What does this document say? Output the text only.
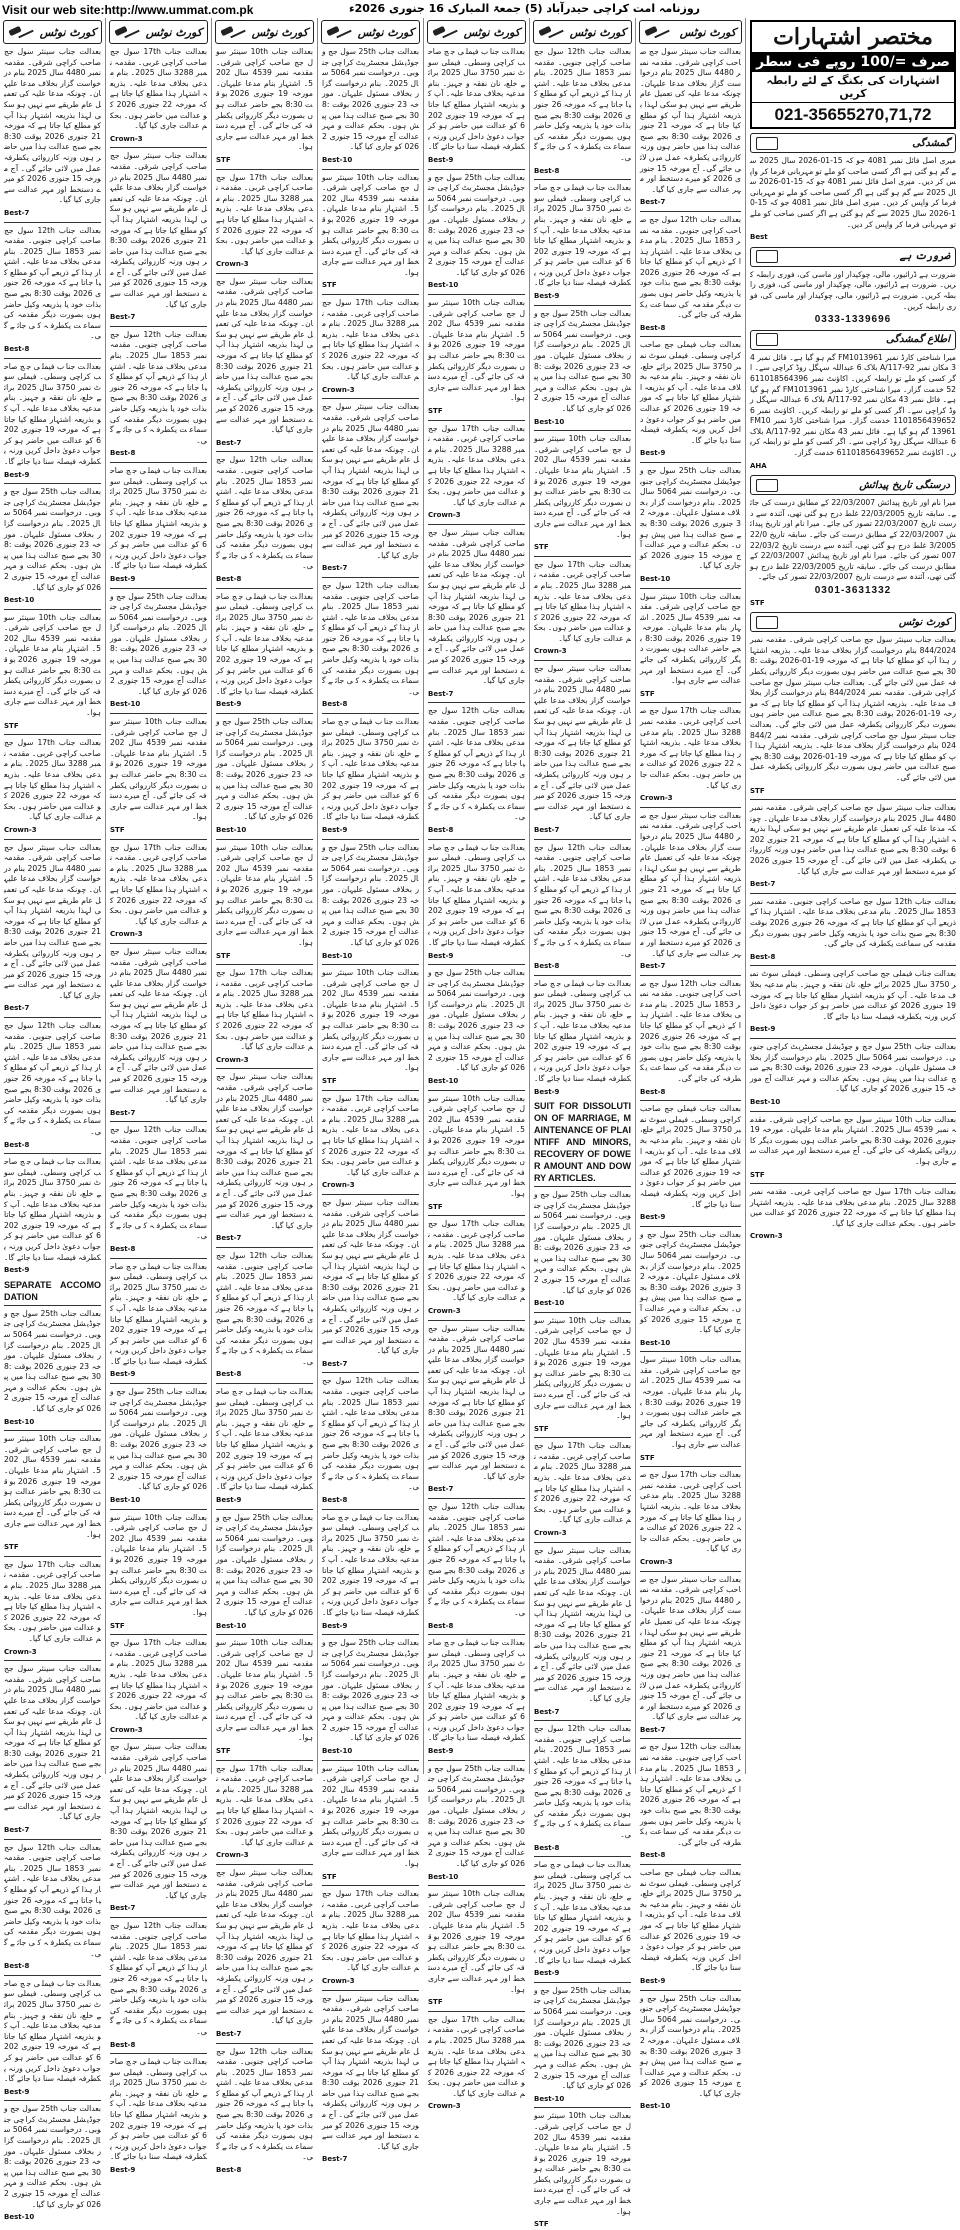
Visit our web site:http://www.ummat.com.pk	روزنامہ امت کراچی حیدرآباد (5) جمعۃ المبارک 16 جنوری 2026ء
مختصر اشتہارات
صرف =/100 روپے فی سطر
اشتہارات کی بکنگ کے لئے رابطہ کریں
021-35655270,71,72
گمشدگی
میری اصل فائل نمبر 4081 جو کہ 15-01-2026 سال 2025 سے گم ہو گئی ہے اگر کسی صاحب کو ملے تو مہربانی فرما کر واپس کر دیں۔ میری اصل فائل نمبر 4081 جو کہ 15-01-2026 سال 2025 سے گم ہو گئی ہے اگر کسی صاحب کو ملے تو مہربانی فرما کر واپس کر دیں۔ میری اصل فائل نمبر 4081 جو کہ 15-01-2026 سال 2025 سے گم ہو گئی ہے اگر کسی صاحب کو ملے تو مہربانی فرما کر واپس کر دیں۔
Best
ضرورت ہے
ضرورت ہے ڈرائیور، مالی، چوکیدار اور ماسی کی، فوری رابطہ کریں۔ ضرورت ہے ڈرائیور، مالی، چوکیدار اور ماسی کی، فوری رابطہ کریں۔ ضرورت ہے ڈرائیور، مالی، چوکیدار اور ماسی کی، فوری رابطہ کریں۔
0333-1339696
اطلاع گمشدگی
میرا شناختی کارڈ نمبر FM1013961 گم ہو گیا ہے۔ فائل نمبر 43 مکان نمبر A/117-92 بلاک 6 عبداللہ سہگل روڈ کراچی سے۔ اگر کسی کو ملے تو رابطہ کریں۔ اکاؤنٹ نمبر 61101856439652 خدمت گزار۔ میرا شناختی کارڈ نمبر FM1013961 گم ہو گیا ہے۔ فائل نمبر 43 مکان نمبر A/117-92 بلاک 6 عبداللہ سہگل روڈ کراچی سے۔ اگر کسی کو ملے تو رابطہ کریں۔ اکاؤنٹ نمبر 61101856439652 خدمت گزار۔ میرا شناختی کارڈ نمبر FM1013961 گم ہو گیا ہے۔ فائل نمبر 43 مکان نمبر A/117-92 بلاک 6 عبداللہ سہگل روڈ کراچی سے۔ اگر کسی کو ملے تو رابطہ کریں۔ اکاؤنٹ نمبر 61101856439652 خدمت گزار۔
AHA
درستگی تاریخ پیدائش
میرا نام اور تاریخ پیدائش 22/03/2007 کے مطابق درست کی جائے۔ سابقہ تاریخ 22/03/2005 غلط درج ہو گئی تھی، آئندہ سے درست تاریخ 22/03/2007 تصور کی جائے۔ میرا نام اور تاریخ پیدائش 22/03/2007 کے مطابق درست کی جائے۔ سابقہ تاریخ 22/03/2005 غلط درج ہو گئی تھی، آئندہ سے درست تاریخ 22/03/2007 تصور کی جائے۔ میرا نام اور تاریخ پیدائش 22/03/2007 کے مطابق درست کی جائے۔ سابقہ تاریخ 22/03/2005 غلط درج ہو گئی تھی، آئندہ سے درست تاریخ 22/03/2007 تصور کی جائے۔
0301-3631332
STF
کورٹ نوٹس
بعدالت جناب سینئر سول جج صاحب کراچی شرقی۔ مقدمہ نمبر 844/2024 بنام درخواست گزار بخلاف مدعا علیہ۔ بذریعہ اشتہار ہذا آپ کو مطلع کیا جاتا ہے کہ مورخہ 19-01-2026 بوقت 8:30 بجے صبح عدالت میں حاضر ہوں بصورت دیگر کارروائی یکطرفہ عمل میں لائی جائے گی۔ بعدالت جناب سینئر سول جج صاحب کراچی شرقی۔ مقدمہ نمبر 844/2024 بنام درخواست گزار بخلاف مدعا علیہ۔ بذریعہ اشتہار ہذا آپ کو مطلع کیا جاتا ہے کہ مورخہ 19-01-2026 بوقت 8:30 بجے صبح عدالت میں حاضر ہوں بصورت دیگر کارروائی یکطرفہ عمل میں لائی جائے گی۔ بعدالت جناب سینئر سول جج صاحب کراچی شرقی۔ مقدمہ نمبر 844/2024 بنام درخواست گزار بخلاف مدعا علیہ۔ بذریعہ اشتہار ہذا آپ کو مطلع کیا جاتا ہے کہ مورخہ 19-01-2026 بوقت 8:30 بجے صبح عدالت میں حاضر ہوں بصورت دیگر کارروائی یکطرفہ عمل میں لائی جائے گی۔
STF
بعدالت جناب سینئر سول جج صاحب کراچی شرقی۔ مقدمہ نمبر 4480 سال 2025 بنام درخواست گزار بخلاف مدعا علیہان۔ چونکہ مدعا علیہ کی تعمیل عام طریقے سے نہیں ہو سکی لہذا بذریعہ اشتہار ہذا آپ کو مطلع کیا جاتا ہے کہ مورخہ 21 جنوری 2026 بوقت 8:30 بجے صبح عدالت ہذا میں حاضر ہوں ورنہ کارروائی یکطرفہ عمل میں لائی جائے گی۔ آج مورخہ 15 جنوری 2026 کو میرے دستخط اور مہر عدالت سے جاری کیا گیا۔
Best-7
بعدالت جناب 12th سول جج صاحب کراچی جنوبی۔ مقدمہ نمبر 1853 سال 2025۔ بنام مدعی بخلاف مدعا علیہ۔ اشتہار ہذا کے ذریعے آپ کو مطلع کیا جاتا ہے کہ مورخہ 26 جنوری 2026 بوقت 8:30 بجے صبح بذات خود یا بذریعہ وکیل حاضر ہوں بصورت دیگر مقدمہ کی سماعت یکطرفہ کی جائے گی۔
Best-8
بعدالت جناب فیملی جج صاحب کراچی وسطی۔ فیملی سوٹ نمبر 3750 سال 2025 برائے خلع، نان نفقہ و جہیز۔ بنام مدعیہ بخلاف مدعا علیہ۔ آپ کو بذریعہ اشتہار مطلع کیا جاتا ہے کہ مورخہ 19 جنوری 2026 کو عدالت میں حاضر ہو کر جواب دعویٰ داخل کریں ورنہ یکطرفہ فیصلہ سنا دیا جائے گا۔
Best-9
بعدالت جناب 25th سول جج و جوڈیشل مجسٹریٹ کراچی جنوبی۔ درخواست نمبر 5064 سال 2025۔ بنام درخواست گزار بخلاف مسئول علیہان۔ مورخہ 23 جنوری 2026 بوقت 8:30 بجے صبح عدالت ہذا میں پیش ہوں۔ بحکم عدالت و مہر عدالت آج مورخہ 15 جنوری 2026 کو جاری کیا گیا۔
Best-10
بعدالت جناب 10th سینئر سول جج صاحب کراچی شرقی۔ مقدمہ نمبر 4539 سال 2025۔ اشتہار بنام مدعا علیہان۔ مورخہ 19 جنوری 2026 بوقت 8:30 بجے حاضر عدالت ہوں بصورت دیگر کارروائی یکطرفہ کی جائے گی۔ آج میرے دستخط اور مہر عدالت سے جاری ہوا۔
STF
بعدالت جناب 17th سول جج صاحب کراچی غربی۔ مقدمہ نمبر 3288 سال 2025۔ بنام مدعی بخلاف مدعا علیہ۔ بذریعہ اشتہار ہذا مطلع کیا جاتا ہے کہ مورخہ 22 جنوری 2026 کو عدالت میں حاضر ہوں۔ بحکم عدالت جاری کیا گیا۔
Crown-3
کورٹ نوٹس
بعدالت جناب سینئر سول جج صاحب کراچی شرقی۔ مقدمہ نمبر 4480 سال 2025 بنام درخواست گزار بخلاف مدعا علیہان۔ چونکہ مدعا علیہ کی تعمیل عام طریقے سے نہیں ہو سکی لہذا بذریعہ اشتہار ہذا آپ کو مطلع کیا جاتا ہے کہ مورخہ 21 جنوری 2026 بوقت 8:30 بجے صبح عدالت ہذا میں حاضر ہوں ورنہ کارروائی یکطرفہ عمل میں لائی جائے گی۔ آج مورخہ 15 جنوری 2026 کو میرے دستخط اور مہر عدالت سے جاری کیا گیا۔
Best-7
بعدالت جناب 12th سول جج صاحب کراچی جنوبی۔ مقدمہ نمبر 1853 سال 2025۔ بنام مدعی بخلاف مدعا علیہ۔ اشتہار ہذا کے ذریعے آپ کو مطلع کیا جاتا ہے کہ مورخہ 26 جنوری 2026 بوقت 8:30 بجے صبح بذات خود یا بذریعہ وکیل حاضر ہوں بصورت دیگر مقدمہ کی سماعت یکطرفہ کی جائے گی۔
Best-8
بعدالت جناب فیملی جج صاحب کراچی وسطی۔ فیملی سوٹ نمبر 3750 سال 2025 برائے خلع، نان نفقہ و جہیز۔ بنام مدعیہ بخلاف مدعا علیہ۔ آپ کو بذریعہ اشتہار مطلع کیا جاتا ہے کہ مورخہ 19 جنوری 2026 کو عدالت میں حاضر ہو کر جواب دعویٰ داخل کریں ورنہ یکطرفہ فیصلہ سنا دیا جائے گا۔
Best-9
بعدالت جناب 25th سول جج و جوڈیشل مجسٹریٹ کراچی جنوبی۔ درخواست نمبر 5064 سال 2025۔ بنام درخواست گزار بخلاف مسئول علیہان۔ مورخہ 23 جنوری 2026 بوقت 8:30 بجے صبح عدالت ہذا میں پیش ہوں۔ بحکم عدالت و مہر عدالت آج مورخہ 15 جنوری 2026 کو جاری کیا گیا۔
Best-10
بعدالت جناب 10th سینئر سول جج صاحب کراچی شرقی۔ مقدمہ نمبر 4539 سال 2025۔ اشتہار بنام مدعا علیہان۔ مورخہ 19 جنوری 2026 بوقت 8:30 بجے حاضر عدالت ہوں بصورت دیگر کارروائی یکطرفہ کی جائے گی۔ آج میرے دستخط اور مہر عدالت سے جاری ہوا۔
STF
بعدالت جناب 17th سول جج صاحب کراچی غربی۔ مقدمہ نمبر 3288 سال 2025۔ بنام مدعی بخلاف مدعا علیہ۔ بذریعہ اشتہار ہذا مطلع کیا جاتا ہے کہ مورخہ 22 جنوری 2026 کو عدالت میں حاضر ہوں۔ بحکم عدالت جاری کیا گیا۔
Crown-3
بعدالت جناب سینئر سول جج صاحب کراچی شرقی۔ مقدمہ نمبر 4480 سال 2025 بنام درخواست گزار بخلاف مدعا علیہان۔ چونکہ مدعا علیہ کی تعمیل عام طریقے سے نہیں ہو سکی لہذا بذریعہ اشتہار ہذا آپ کو مطلع کیا جاتا ہے کہ مورخہ 21 جنوری 2026 بوقت 8:30 بجے صبح عدالت ہذا میں حاضر ہوں ورنہ کارروائی یکطرفہ عمل میں لائی جائے گی۔ آج مورخہ 15 جنوری 2026 کو میرے دستخط اور مہر عدالت سے جاری کیا گیا۔
Best-7
بعدالت جناب 12th سول جج صاحب کراچی جنوبی۔ مقدمہ نمبر 1853 سال 2025۔ بنام مدعی بخلاف مدعا علیہ۔ اشتہار ہذا کے ذریعے آپ کو مطلع کیا جاتا ہے کہ مورخہ 26 جنوری 2026 بوقت 8:30 بجے صبح بذات خود یا بذریعہ وکیل حاضر ہوں بصورت دیگر مقدمہ کی سماعت یکطرفہ کی جائے گی۔
Best-8
بعدالت جناب فیملی جج صاحب کراچی وسطی۔ فیملی سوٹ نمبر 3750 سال 2025 برائے خلع، نان نفقہ و جہیز۔ بنام مدعیہ بخلاف مدعا علیہ۔ آپ کو بذریعہ اشتہار مطلع کیا جاتا ہے کہ مورخہ 19 جنوری 2026 کو عدالت میں حاضر ہو کر جواب دعویٰ داخل کریں ورنہ یکطرفہ فیصلہ سنا دیا جائے گا۔
Best-9
بعدالت جناب 25th سول جج و جوڈیشل مجسٹریٹ کراچی جنوبی۔ درخواست نمبر 5064 سال 2025۔ بنام درخواست گزار بخلاف مسئول علیہان۔ مورخہ 23 جنوری 2026 بوقت 8:30 بجے صبح عدالت ہذا میں پیش ہوں۔ بحکم عدالت و مہر عدالت آج مورخہ 15 جنوری 2026 کو جاری کیا گیا۔
Best-10
بعدالت جناب 10th سینئر سول جج صاحب کراچی شرقی۔ مقدمہ نمبر 4539 سال 2025۔ اشتہار بنام مدعا علیہان۔ مورخہ 19 جنوری 2026 بوقت 8:30 بجے حاضر عدالت ہوں بصورت دیگر کارروائی یکطرفہ کی جائے گی۔ آج میرے دستخط اور مہر عدالت سے جاری ہوا۔
STF
بعدالت جناب 17th سول جج صاحب کراچی غربی۔ مقدمہ نمبر 3288 سال 2025۔ بنام مدعی بخلاف مدعا علیہ۔ بذریعہ اشتہار ہذا مطلع کیا جاتا ہے کہ مورخہ 22 جنوری 2026 کو عدالت میں حاضر ہوں۔ بحکم عدالت جاری کیا گیا۔
Crown-3
بعدالت جناب سینئر سول جج صاحب کراچی شرقی۔ مقدمہ نمبر 4480 سال 2025 بنام درخواست گزار بخلاف مدعا علیہان۔ چونکہ مدعا علیہ کی تعمیل عام طریقے سے نہیں ہو سکی لہذا بذریعہ اشتہار ہذا آپ کو مطلع کیا جاتا ہے کہ مورخہ 21 جنوری 2026 بوقت 8:30 بجے صبح عدالت ہذا میں حاضر ہوں ورنہ کارروائی یکطرفہ عمل میں لائی جائے گی۔ آج مورخہ 15 جنوری 2026 کو میرے دستخط اور مہر عدالت سے جاری کیا گیا۔
Best-7
بعدالت جناب 12th سول جج صاحب کراچی جنوبی۔ مقدمہ نمبر 1853 سال 2025۔ بنام مدعی بخلاف مدعا علیہ۔ اشتہار ہذا کے ذریعے آپ کو مطلع کیا جاتا ہے کہ مورخہ 26 جنوری 2026 بوقت 8:30 بجے صبح بذات خود یا بذریعہ وکیل حاضر ہوں بصورت دیگر مقدمہ کی سماعت یکطرفہ کی جائے گی۔
Best-8
بعدالت جناب فیملی جج صاحب کراچی وسطی۔ فیملی سوٹ نمبر 3750 سال 2025 برائے خلع، نان نفقہ و جہیز۔ بنام مدعیہ بخلاف مدعا علیہ۔ آپ کو بذریعہ اشتہار مطلع کیا جاتا ہے کہ مورخہ 19 جنوری 2026 کو عدالت میں حاضر ہو کر جواب دعویٰ داخل کریں ورنہ یکطرفہ فیصلہ سنا دیا جائے گا۔
Best-9
بعدالت جناب 25th سول جج و جوڈیشل مجسٹریٹ کراچی جنوبی۔ درخواست نمبر 5064 سال 2025۔ بنام درخواست گزار بخلاف مسئول علیہان۔ مورخہ 23 جنوری 2026 بوقت 8:30 بجے صبح عدالت ہذا میں پیش ہوں۔ بحکم عدالت و مہر عدالت آج مورخہ 15 جنوری 2026 کو جاری کیا گیا۔
Best-10
کورٹ نوٹس
بعدالت جناب 12th سول جج صاحب کراچی جنوبی۔ مقدمہ نمبر 1853 سال 2025۔ بنام مدعی بخلاف مدعا علیہ۔ اشتہار ہذا کے ذریعے آپ کو مطلع کیا جاتا ہے کہ مورخہ 26 جنوری 2026 بوقت 8:30 بجے صبح بذات خود یا بذریعہ وکیل حاضر ہوں بصورت دیگر مقدمہ کی سماعت یکطرفہ کی جائے گی۔
Best-8
بعدالت جناب فیملی جج صاحب کراچی وسطی۔ فیملی سوٹ نمبر 3750 سال 2025 برائے خلع، نان نفقہ و جہیز۔ بنام مدعیہ بخلاف مدعا علیہ۔ آپ کو بذریعہ اشتہار مطلع کیا جاتا ہے کہ مورخہ 19 جنوری 2026 کو عدالت میں حاضر ہو کر جواب دعویٰ داخل کریں ورنہ یکطرفہ فیصلہ سنا دیا جائے گا۔
Best-9
بعدالت جناب 25th سول جج و جوڈیشل مجسٹریٹ کراچی جنوبی۔ درخواست نمبر 5064 سال 2025۔ بنام درخواست گزار بخلاف مسئول علیہان۔ مورخہ 23 جنوری 2026 بوقت 8:30 بجے صبح عدالت ہذا میں پیش ہوں۔ بحکم عدالت و مہر عدالت آج مورخہ 15 جنوری 2026 کو جاری کیا گیا۔
Best-10
بعدالت جناب 10th سینئر سول جج صاحب کراچی شرقی۔ مقدمہ نمبر 4539 سال 2025۔ اشتہار بنام مدعا علیہان۔ مورخہ 19 جنوری 2026 بوقت 8:30 بجے حاضر عدالت ہوں بصورت دیگر کارروائی یکطرفہ کی جائے گی۔ آج میرے دستخط اور مہر عدالت سے جاری ہوا۔
STF
بعدالت جناب 17th سول جج صاحب کراچی غربی۔ مقدمہ نمبر 3288 سال 2025۔ بنام مدعی بخلاف مدعا علیہ۔ بذریعہ اشتہار ہذا مطلع کیا جاتا ہے کہ مورخہ 22 جنوری 2026 کو عدالت میں حاضر ہوں۔ بحکم عدالت جاری کیا گیا۔
Crown-3
بعدالت جناب سینئر سول جج صاحب کراچی شرقی۔ مقدمہ نمبر 4480 سال 2025 بنام درخواست گزار بخلاف مدعا علیہان۔ چونکہ مدعا علیہ کی تعمیل عام طریقے سے نہیں ہو سکی لہذا بذریعہ اشتہار ہذا آپ کو مطلع کیا جاتا ہے کہ مورخہ 21 جنوری 2026 بوقت 8:30 بجے صبح عدالت ہذا میں حاضر ہوں ورنہ کارروائی یکطرفہ عمل میں لائی جائے گی۔ آج مورخہ 15 جنوری 2026 کو میرے دستخط اور مہر عدالت سے جاری کیا گیا۔
Best-7
بعدالت جناب 12th سول جج صاحب کراچی جنوبی۔ مقدمہ نمبر 1853 سال 2025۔ بنام مدعی بخلاف مدعا علیہ۔ اشتہار ہذا کے ذریعے آپ کو مطلع کیا جاتا ہے کہ مورخہ 26 جنوری 2026 بوقت 8:30 بجے صبح بذات خود یا بذریعہ وکیل حاضر ہوں بصورت دیگر مقدمہ کی سماعت یکطرفہ کی جائے گی۔
Best-8
بعدالت جناب فیملی جج صاحب کراچی وسطی۔ فیملی سوٹ نمبر 3750 سال 2025 برائے خلع، نان نفقہ و جہیز۔ بنام مدعیہ بخلاف مدعا علیہ۔ آپ کو بذریعہ اشتہار مطلع کیا جاتا ہے کہ مورخہ 19 جنوری 2026 کو عدالت میں حاضر ہو کر جواب دعویٰ داخل کریں ورنہ یکطرفہ فیصلہ سنا دیا جائے گا۔
Best-9
SUIT FOR DISSOLUTION OF MARRIAGE, MAINTENANCE OF PLAINTIFF AND MINORS, RECOVERY OF DOWER AMOUNT AND DOWRY ARTICLES.
بعدالت جناب 25th سول جج و جوڈیشل مجسٹریٹ کراچی جنوبی۔ درخواست نمبر 5064 سال 2025۔ بنام درخواست گزار بخلاف مسئول علیہان۔ مورخہ 23 جنوری 2026 بوقت 8:30 بجے صبح عدالت ہذا میں پیش ہوں۔ بحکم عدالت و مہر عدالت آج مورخہ 15 جنوری 2026 کو جاری کیا گیا۔
Best-10
بعدالت جناب 10th سینئر سول جج صاحب کراچی شرقی۔ مقدمہ نمبر 4539 سال 2025۔ اشتہار بنام مدعا علیہان۔ مورخہ 19 جنوری 2026 بوقت 8:30 بجے حاضر عدالت ہوں بصورت دیگر کارروائی یکطرفہ کی جائے گی۔ آج میرے دستخط اور مہر عدالت سے جاری ہوا۔
STF
بعدالت جناب 17th سول جج صاحب کراچی غربی۔ مقدمہ نمبر 3288 سال 2025۔ بنام مدعی بخلاف مدعا علیہ۔ بذریعہ اشتہار ہذا مطلع کیا جاتا ہے کہ مورخہ 22 جنوری 2026 کو عدالت میں حاضر ہوں۔ بحکم عدالت جاری کیا گیا۔
Crown-3
بعدالت جناب سینئر سول جج صاحب کراچی شرقی۔ مقدمہ نمبر 4480 سال 2025 بنام درخواست گزار بخلاف مدعا علیہان۔ چونکہ مدعا علیہ کی تعمیل عام طریقے سے نہیں ہو سکی لہذا بذریعہ اشتہار ہذا آپ کو مطلع کیا جاتا ہے کہ مورخہ 21 جنوری 2026 بوقت 8:30 بجے صبح عدالت ہذا میں حاضر ہوں ورنہ کارروائی یکطرفہ عمل میں لائی جائے گی۔ آج مورخہ 15 جنوری 2026 کو میرے دستخط اور مہر عدالت سے جاری کیا گیا۔
Best-7
بعدالت جناب 12th سول جج صاحب کراچی جنوبی۔ مقدمہ نمبر 1853 سال 2025۔ بنام مدعی بخلاف مدعا علیہ۔ اشتہار ہذا کے ذریعے آپ کو مطلع کیا جاتا ہے کہ مورخہ 26 جنوری 2026 بوقت 8:30 بجے صبح بذات خود یا بذریعہ وکیل حاضر ہوں بصورت دیگر مقدمہ کی سماعت یکطرفہ کی جائے گی۔
Best-8
بعدالت جناب فیملی جج صاحب کراچی وسطی۔ فیملی سوٹ نمبر 3750 سال 2025 برائے خلع، نان نفقہ و جہیز۔ بنام مدعیہ بخلاف مدعا علیہ۔ آپ کو بذریعہ اشتہار مطلع کیا جاتا ہے کہ مورخہ 19 جنوری 2026 کو عدالت میں حاضر ہو کر جواب دعویٰ داخل کریں ورنہ یکطرفہ فیصلہ سنا دیا جائے گا۔
Best-9
بعدالت جناب 25th سول جج و جوڈیشل مجسٹریٹ کراچی جنوبی۔ درخواست نمبر 5064 سال 2025۔ بنام درخواست گزار بخلاف مسئول علیہان۔ مورخہ 23 جنوری 2026 بوقت 8:30 بجے صبح عدالت ہذا میں پیش ہوں۔ بحکم عدالت و مہر عدالت آج مورخہ 15 جنوری 2026 کو جاری کیا گیا۔
Best-10
بعدالت جناب 10th سینئر سول جج صاحب کراچی شرقی۔ مقدمہ نمبر 4539 سال 2025۔ اشتہار بنام مدعا علیہان۔ مورخہ 19 جنوری 2026 بوقت 8:30 بجے حاضر عدالت ہوں بصورت دیگر کارروائی یکطرفہ کی جائے گی۔ آج میرے دستخط اور مہر عدالت سے جاری ہوا۔
STF
کورٹ نوٹس
بعدالت جناب فیملی جج صاحب کراچی وسطی۔ فیملی سوٹ نمبر 3750 سال 2025 برائے خلع، نان نفقہ و جہیز۔ بنام مدعیہ بخلاف مدعا علیہ۔ آپ کو بذریعہ اشتہار مطلع کیا جاتا ہے کہ مورخہ 19 جنوری 2026 کو عدالت میں حاضر ہو کر جواب دعویٰ داخل کریں ورنہ یکطرفہ فیصلہ سنا دیا جائے گا۔
Best-9
بعدالت جناب 25th سول جج و جوڈیشل مجسٹریٹ کراچی جنوبی۔ درخواست نمبر 5064 سال 2025۔ بنام درخواست گزار بخلاف مسئول علیہان۔ مورخہ 23 جنوری 2026 بوقت 8:30 بجے صبح عدالت ہذا میں پیش ہوں۔ بحکم عدالت و مہر عدالت آج مورخہ 15 جنوری 2026 کو جاری کیا گیا۔
Best-10
بعدالت جناب 10th سینئر سول جج صاحب کراچی شرقی۔ مقدمہ نمبر 4539 سال 2025۔ اشتہار بنام مدعا علیہان۔ مورخہ 19 جنوری 2026 بوقت 8:30 بجے حاضر عدالت ہوں بصورت دیگر کارروائی یکطرفہ کی جائے گی۔ آج میرے دستخط اور مہر عدالت سے جاری ہوا۔
STF
بعدالت جناب 17th سول جج صاحب کراچی غربی۔ مقدمہ نمبر 3288 سال 2025۔ بنام مدعی بخلاف مدعا علیہ۔ بذریعہ اشتہار ہذا مطلع کیا جاتا ہے کہ مورخہ 22 جنوری 2026 کو عدالت میں حاضر ہوں۔ بحکم عدالت جاری کیا گیا۔
Crown-3
بعدالت جناب سینئر سول جج صاحب کراچی شرقی۔ مقدمہ نمبر 4480 سال 2025 بنام درخواست گزار بخلاف مدعا علیہان۔ چونکہ مدعا علیہ کی تعمیل عام طریقے سے نہیں ہو سکی لہذا بذریعہ اشتہار ہذا آپ کو مطلع کیا جاتا ہے کہ مورخہ 21 جنوری 2026 بوقت 8:30 بجے صبح عدالت ہذا میں حاضر ہوں ورنہ کارروائی یکطرفہ عمل میں لائی جائے گی۔ آج مورخہ 15 جنوری 2026 کو میرے دستخط اور مہر عدالت سے جاری کیا گیا۔
Best-7
بعدالت جناب 12th سول جج صاحب کراچی جنوبی۔ مقدمہ نمبر 1853 سال 2025۔ بنام مدعی بخلاف مدعا علیہ۔ اشتہار ہذا کے ذریعے آپ کو مطلع کیا جاتا ہے کہ مورخہ 26 جنوری 2026 بوقت 8:30 بجے صبح بذات خود یا بذریعہ وکیل حاضر ہوں بصورت دیگر مقدمہ کی سماعت یکطرفہ کی جائے گی۔
Best-8
بعدالت جناب فیملی جج صاحب کراچی وسطی۔ فیملی سوٹ نمبر 3750 سال 2025 برائے خلع، نان نفقہ و جہیز۔ بنام مدعیہ بخلاف مدعا علیہ۔ آپ کو بذریعہ اشتہار مطلع کیا جاتا ہے کہ مورخہ 19 جنوری 2026 کو عدالت میں حاضر ہو کر جواب دعویٰ داخل کریں ورنہ یکطرفہ فیصلہ سنا دیا جائے گا۔
Best-9
بعدالت جناب 25th سول جج و جوڈیشل مجسٹریٹ کراچی جنوبی۔ درخواست نمبر 5064 سال 2025۔ بنام درخواست گزار بخلاف مسئول علیہان۔ مورخہ 23 جنوری 2026 بوقت 8:30 بجے صبح عدالت ہذا میں پیش ہوں۔ بحکم عدالت و مہر عدالت آج مورخہ 15 جنوری 2026 کو جاری کیا گیا۔
Best-10
بعدالت جناب 10th سینئر سول جج صاحب کراچی شرقی۔ مقدمہ نمبر 4539 سال 2025۔ اشتہار بنام مدعا علیہان۔ مورخہ 19 جنوری 2026 بوقت 8:30 بجے حاضر عدالت ہوں بصورت دیگر کارروائی یکطرفہ کی جائے گی۔ آج میرے دستخط اور مہر عدالت سے جاری ہوا۔
STF
بعدالت جناب 17th سول جج صاحب کراچی غربی۔ مقدمہ نمبر 3288 سال 2025۔ بنام مدعی بخلاف مدعا علیہ۔ بذریعہ اشتہار ہذا مطلع کیا جاتا ہے کہ مورخہ 22 جنوری 2026 کو عدالت میں حاضر ہوں۔ بحکم عدالت جاری کیا گیا۔
Crown-3
بعدالت جناب سینئر سول جج صاحب کراچی شرقی۔ مقدمہ نمبر 4480 سال 2025 بنام درخواست گزار بخلاف مدعا علیہان۔ چونکہ مدعا علیہ کی تعمیل عام طریقے سے نہیں ہو سکی لہذا بذریعہ اشتہار ہذا آپ کو مطلع کیا جاتا ہے کہ مورخہ 21 جنوری 2026 بوقت 8:30 بجے صبح عدالت ہذا میں حاضر ہوں ورنہ کارروائی یکطرفہ عمل میں لائی جائے گی۔ آج مورخہ 15 جنوری 2026 کو میرے دستخط اور مہر عدالت سے جاری کیا گیا۔
Best-7
بعدالت جناب 12th سول جج صاحب کراچی جنوبی۔ مقدمہ نمبر 1853 سال 2025۔ بنام مدعی بخلاف مدعا علیہ۔ اشتہار ہذا کے ذریعے آپ کو مطلع کیا جاتا ہے کہ مورخہ 26 جنوری 2026 بوقت 8:30 بجے صبح بذات خود یا بذریعہ وکیل حاضر ہوں بصورت دیگر مقدمہ کی سماعت یکطرفہ کی جائے گی۔
Best-8
بعدالت جناب فیملی جج صاحب کراچی وسطی۔ فیملی سوٹ نمبر 3750 سال 2025 برائے خلع، نان نفقہ و جہیز۔ بنام مدعیہ بخلاف مدعا علیہ۔ آپ کو بذریعہ اشتہار مطلع کیا جاتا ہے کہ مورخہ 19 جنوری 2026 کو عدالت میں حاضر ہو کر جواب دعویٰ داخل کریں ورنہ یکطرفہ فیصلہ سنا دیا جائے گا۔
Best-9
بعدالت جناب 25th سول جج و جوڈیشل مجسٹریٹ کراچی جنوبی۔ درخواست نمبر 5064 سال 2025۔ بنام درخواست گزار بخلاف مسئول علیہان۔ مورخہ 23 جنوری 2026 بوقت 8:30 بجے صبح عدالت ہذا میں پیش ہوں۔ بحکم عدالت و مہر عدالت آج مورخہ 15 جنوری 2026 کو جاری کیا گیا۔
Best-10
بعدالت جناب 10th سینئر سول جج صاحب کراچی شرقی۔ مقدمہ نمبر 4539 سال 2025۔ اشتہار بنام مدعا علیہان۔ مورخہ 19 جنوری 2026 بوقت 8:30 بجے حاضر عدالت ہوں بصورت دیگر کارروائی یکطرفہ کی جائے گی۔ آج میرے دستخط اور مہر عدالت سے جاری ہوا۔
STF
بعدالت جناب 17th سول جج صاحب کراچی غربی۔ مقدمہ نمبر 3288 سال 2025۔ بنام مدعی بخلاف مدعا علیہ۔ بذریعہ اشتہار ہذا مطلع کیا جاتا ہے کہ مورخہ 22 جنوری 2026 کو عدالت میں حاضر ہوں۔ بحکم عدالت جاری کیا گیا۔
Crown-3
کورٹ نوٹس
بعدالت جناب 25th سول جج و جوڈیشل مجسٹریٹ کراچی جنوبی۔ درخواست نمبر 5064 سال 2025۔ بنام درخواست گزار بخلاف مسئول علیہان۔ مورخہ 23 جنوری 2026 بوقت 8:30 بجے صبح عدالت ہذا میں پیش ہوں۔ بحکم عدالت و مہر عدالت آج مورخہ 15 جنوری 2026 کو جاری کیا گیا۔
Best-10
بعدالت جناب 10th سینئر سول جج صاحب کراچی شرقی۔ مقدمہ نمبر 4539 سال 2025۔ اشتہار بنام مدعا علیہان۔ مورخہ 19 جنوری 2026 بوقت 8:30 بجے حاضر عدالت ہوں بصورت دیگر کارروائی یکطرفہ کی جائے گی۔ آج میرے دستخط اور مہر عدالت سے جاری ہوا۔
STF
بعدالت جناب 17th سول جج صاحب کراچی غربی۔ مقدمہ نمبر 3288 سال 2025۔ بنام مدعی بخلاف مدعا علیہ۔ بذریعہ اشتہار ہذا مطلع کیا جاتا ہے کہ مورخہ 22 جنوری 2026 کو عدالت میں حاضر ہوں۔ بحکم عدالت جاری کیا گیا۔
Crown-3
بعدالت جناب سینئر سول جج صاحب کراچی شرقی۔ مقدمہ نمبر 4480 سال 2025 بنام درخواست گزار بخلاف مدعا علیہان۔ چونکہ مدعا علیہ کی تعمیل عام طریقے سے نہیں ہو سکی لہذا بذریعہ اشتہار ہذا آپ کو مطلع کیا جاتا ہے کہ مورخہ 21 جنوری 2026 بوقت 8:30 بجے صبح عدالت ہذا میں حاضر ہوں ورنہ کارروائی یکطرفہ عمل میں لائی جائے گی۔ آج مورخہ 15 جنوری 2026 کو میرے دستخط اور مہر عدالت سے جاری کیا گیا۔
Best-7
بعدالت جناب 12th سول جج صاحب کراچی جنوبی۔ مقدمہ نمبر 1853 سال 2025۔ بنام مدعی بخلاف مدعا علیہ۔ اشتہار ہذا کے ذریعے آپ کو مطلع کیا جاتا ہے کہ مورخہ 26 جنوری 2026 بوقت 8:30 بجے صبح بذات خود یا بذریعہ وکیل حاضر ہوں بصورت دیگر مقدمہ کی سماعت یکطرفہ کی جائے گی۔
Best-8
بعدالت جناب فیملی جج صاحب کراچی وسطی۔ فیملی سوٹ نمبر 3750 سال 2025 برائے خلع، نان نفقہ و جہیز۔ بنام مدعیہ بخلاف مدعا علیہ۔ آپ کو بذریعہ اشتہار مطلع کیا جاتا ہے کہ مورخہ 19 جنوری 2026 کو عدالت میں حاضر ہو کر جواب دعویٰ داخل کریں ورنہ یکطرفہ فیصلہ سنا دیا جائے گا۔
Best-9
بعدالت جناب 25th سول جج و جوڈیشل مجسٹریٹ کراچی جنوبی۔ درخواست نمبر 5064 سال 2025۔ بنام درخواست گزار بخلاف مسئول علیہان۔ مورخہ 23 جنوری 2026 بوقت 8:30 بجے صبح عدالت ہذا میں پیش ہوں۔ بحکم عدالت و مہر عدالت آج مورخہ 15 جنوری 2026 کو جاری کیا گیا۔
Best-10
بعدالت جناب 10th سینئر سول جج صاحب کراچی شرقی۔ مقدمہ نمبر 4539 سال 2025۔ اشتہار بنام مدعا علیہان۔ مورخہ 19 جنوری 2026 بوقت 8:30 بجے حاضر عدالت ہوں بصورت دیگر کارروائی یکطرفہ کی جائے گی۔ آج میرے دستخط اور مہر عدالت سے جاری ہوا۔
STF
بعدالت جناب 17th سول جج صاحب کراچی غربی۔ مقدمہ نمبر 3288 سال 2025۔ بنام مدعی بخلاف مدعا علیہ۔ بذریعہ اشتہار ہذا مطلع کیا جاتا ہے کہ مورخہ 22 جنوری 2026 کو عدالت میں حاضر ہوں۔ بحکم عدالت جاری کیا گیا۔
Crown-3
بعدالت جناب سینئر سول جج صاحب کراچی شرقی۔ مقدمہ نمبر 4480 سال 2025 بنام درخواست گزار بخلاف مدعا علیہان۔ چونکہ مدعا علیہ کی تعمیل عام طریقے سے نہیں ہو سکی لہذا بذریعہ اشتہار ہذا آپ کو مطلع کیا جاتا ہے کہ مورخہ 21 جنوری 2026 بوقت 8:30 بجے صبح عدالت ہذا میں حاضر ہوں ورنہ کارروائی یکطرفہ عمل میں لائی جائے گی۔ آج مورخہ 15 جنوری 2026 کو میرے دستخط اور مہر عدالت سے جاری کیا گیا۔
Best-7
بعدالت جناب 12th سول جج صاحب کراچی جنوبی۔ مقدمہ نمبر 1853 سال 2025۔ بنام مدعی بخلاف مدعا علیہ۔ اشتہار ہذا کے ذریعے آپ کو مطلع کیا جاتا ہے کہ مورخہ 26 جنوری 2026 بوقت 8:30 بجے صبح بذات خود یا بذریعہ وکیل حاضر ہوں بصورت دیگر مقدمہ کی سماعت یکطرفہ کی جائے گی۔
Best-8
بعدالت جناب فیملی جج صاحب کراچی وسطی۔ فیملی سوٹ نمبر 3750 سال 2025 برائے خلع، نان نفقہ و جہیز۔ بنام مدعیہ بخلاف مدعا علیہ۔ آپ کو بذریعہ اشتہار مطلع کیا جاتا ہے کہ مورخہ 19 جنوری 2026 کو عدالت میں حاضر ہو کر جواب دعویٰ داخل کریں ورنہ یکطرفہ فیصلہ سنا دیا جائے گا۔
Best-9
بعدالت جناب 25th سول جج و جوڈیشل مجسٹریٹ کراچی جنوبی۔ درخواست نمبر 5064 سال 2025۔ بنام درخواست گزار بخلاف مسئول علیہان۔ مورخہ 23 جنوری 2026 بوقت 8:30 بجے صبح عدالت ہذا میں پیش ہوں۔ بحکم عدالت و مہر عدالت آج مورخہ 15 جنوری 2026 کو جاری کیا گیا۔
Best-10
بعدالت جناب 10th سینئر سول جج صاحب کراچی شرقی۔ مقدمہ نمبر 4539 سال 2025۔ اشتہار بنام مدعا علیہان۔ مورخہ 19 جنوری 2026 بوقت 8:30 بجے حاضر عدالت ہوں بصورت دیگر کارروائی یکطرفہ کی جائے گی۔ آج میرے دستخط اور مہر عدالت سے جاری ہوا۔
STF
بعدالت جناب 17th سول جج صاحب کراچی غربی۔ مقدمہ نمبر 3288 سال 2025۔ بنام مدعی بخلاف مدعا علیہ۔ بذریعہ اشتہار ہذا مطلع کیا جاتا ہے کہ مورخہ 22 جنوری 2026 کو عدالت میں حاضر ہوں۔ بحکم عدالت جاری کیا گیا۔
Crown-3
بعدالت جناب سینئر سول جج صاحب کراچی شرقی۔ مقدمہ نمبر 4480 سال 2025 بنام درخواست گزار بخلاف مدعا علیہان۔ چونکہ مدعا علیہ کی تعمیل عام طریقے سے نہیں ہو سکی لہذا بذریعہ اشتہار ہذا آپ کو مطلع کیا جاتا ہے کہ مورخہ 21 جنوری 2026 بوقت 8:30 بجے صبح عدالت ہذا میں حاضر ہوں ورنہ کارروائی یکطرفہ عمل میں لائی جائے گی۔ آج مورخہ 15 جنوری 2026 کو میرے دستخط اور مہر عدالت سے جاری کیا گیا۔
Best-7
کورٹ نوٹس
بعدالت جناب 10th سینئر سول جج صاحب کراچی شرقی۔ مقدمہ نمبر 4539 سال 2025۔ اشتہار بنام مدعا علیہان۔ مورخہ 19 جنوری 2026 بوقت 8:30 بجے حاضر عدالت ہوں بصورت دیگر کارروائی یکطرفہ کی جائے گی۔ آج میرے دستخط اور مہر عدالت سے جاری ہوا۔
STF
بعدالت جناب 17th سول جج صاحب کراچی غربی۔ مقدمہ نمبر 3288 سال 2025۔ بنام مدعی بخلاف مدعا علیہ۔ بذریعہ اشتہار ہذا مطلع کیا جاتا ہے کہ مورخہ 22 جنوری 2026 کو عدالت میں حاضر ہوں۔ بحکم عدالت جاری کیا گیا۔
Crown-3
بعدالت جناب سینئر سول جج صاحب کراچی شرقی۔ مقدمہ نمبر 4480 سال 2025 بنام درخواست گزار بخلاف مدعا علیہان۔ چونکہ مدعا علیہ کی تعمیل عام طریقے سے نہیں ہو سکی لہذا بذریعہ اشتہار ہذا آپ کو مطلع کیا جاتا ہے کہ مورخہ 21 جنوری 2026 بوقت 8:30 بجے صبح عدالت ہذا میں حاضر ہوں ورنہ کارروائی یکطرفہ عمل میں لائی جائے گی۔ آج مورخہ 15 جنوری 2026 کو میرے دستخط اور مہر عدالت سے جاری کیا گیا۔
Best-7
بعدالت جناب 12th سول جج صاحب کراچی جنوبی۔ مقدمہ نمبر 1853 سال 2025۔ بنام مدعی بخلاف مدعا علیہ۔ اشتہار ہذا کے ذریعے آپ کو مطلع کیا جاتا ہے کہ مورخہ 26 جنوری 2026 بوقت 8:30 بجے صبح بذات خود یا بذریعہ وکیل حاضر ہوں بصورت دیگر مقدمہ کی سماعت یکطرفہ کی جائے گی۔
Best-8
بعدالت جناب فیملی جج صاحب کراچی وسطی۔ فیملی سوٹ نمبر 3750 سال 2025 برائے خلع، نان نفقہ و جہیز۔ بنام مدعیہ بخلاف مدعا علیہ۔ آپ کو بذریعہ اشتہار مطلع کیا جاتا ہے کہ مورخہ 19 جنوری 2026 کو عدالت میں حاضر ہو کر جواب دعویٰ داخل کریں ورنہ یکطرفہ فیصلہ سنا دیا جائے گا۔
Best-9
بعدالت جناب 25th سول جج و جوڈیشل مجسٹریٹ کراچی جنوبی۔ درخواست نمبر 5064 سال 2025۔ بنام درخواست گزار بخلاف مسئول علیہان۔ مورخہ 23 جنوری 2026 بوقت 8:30 بجے صبح عدالت ہذا میں پیش ہوں۔ بحکم عدالت و مہر عدالت آج مورخہ 15 جنوری 2026 کو جاری کیا گیا۔
Best-10
بعدالت جناب 10th سینئر سول جج صاحب کراچی شرقی۔ مقدمہ نمبر 4539 سال 2025۔ اشتہار بنام مدعا علیہان۔ مورخہ 19 جنوری 2026 بوقت 8:30 بجے حاضر عدالت ہوں بصورت دیگر کارروائی یکطرفہ کی جائے گی۔ آج میرے دستخط اور مہر عدالت سے جاری ہوا۔
STF
بعدالت جناب 17th سول جج صاحب کراچی غربی۔ مقدمہ نمبر 3288 سال 2025۔ بنام مدعی بخلاف مدعا علیہ۔ بذریعہ اشتہار ہذا مطلع کیا جاتا ہے کہ مورخہ 22 جنوری 2026 کو عدالت میں حاضر ہوں۔ بحکم عدالت جاری کیا گیا۔
Crown-3
بعدالت جناب سینئر سول جج صاحب کراچی شرقی۔ مقدمہ نمبر 4480 سال 2025 بنام درخواست گزار بخلاف مدعا علیہان۔ چونکہ مدعا علیہ کی تعمیل عام طریقے سے نہیں ہو سکی لہذا بذریعہ اشتہار ہذا آپ کو مطلع کیا جاتا ہے کہ مورخہ 21 جنوری 2026 بوقت 8:30 بجے صبح عدالت ہذا میں حاضر ہوں ورنہ کارروائی یکطرفہ عمل میں لائی جائے گی۔ آج مورخہ 15 جنوری 2026 کو میرے دستخط اور مہر عدالت سے جاری کیا گیا۔
Best-7
بعدالت جناب 12th سول جج صاحب کراچی جنوبی۔ مقدمہ نمبر 1853 سال 2025۔ بنام مدعی بخلاف مدعا علیہ۔ اشتہار ہذا کے ذریعے آپ کو مطلع کیا جاتا ہے کہ مورخہ 26 جنوری 2026 بوقت 8:30 بجے صبح بذات خود یا بذریعہ وکیل حاضر ہوں بصورت دیگر مقدمہ کی سماعت یکطرفہ کی جائے گی۔
Best-8
بعدالت جناب فیملی جج صاحب کراچی وسطی۔ فیملی سوٹ نمبر 3750 سال 2025 برائے خلع، نان نفقہ و جہیز۔ بنام مدعیہ بخلاف مدعا علیہ۔ آپ کو بذریعہ اشتہار مطلع کیا جاتا ہے کہ مورخہ 19 جنوری 2026 کو عدالت میں حاضر ہو کر جواب دعویٰ داخل کریں ورنہ یکطرفہ فیصلہ سنا دیا جائے گا۔
Best-9
بعدالت جناب 25th سول جج و جوڈیشل مجسٹریٹ کراچی جنوبی۔ درخواست نمبر 5064 سال 2025۔ بنام درخواست گزار بخلاف مسئول علیہان۔ مورخہ 23 جنوری 2026 بوقت 8:30 بجے صبح عدالت ہذا میں پیش ہوں۔ بحکم عدالت و مہر عدالت آج مورخہ 15 جنوری 2026 کو جاری کیا گیا۔
Best-10
بعدالت جناب 10th سینئر سول جج صاحب کراچی شرقی۔ مقدمہ نمبر 4539 سال 2025۔ اشتہار بنام مدعا علیہان۔ مورخہ 19 جنوری 2026 بوقت 8:30 بجے حاضر عدالت ہوں بصورت دیگر کارروائی یکطرفہ کی جائے گی۔ آج میرے دستخط اور مہر عدالت سے جاری ہوا۔
STF
بعدالت جناب 17th سول جج صاحب کراچی غربی۔ مقدمہ نمبر 3288 سال 2025۔ بنام مدعی بخلاف مدعا علیہ۔ بذریعہ اشتہار ہذا مطلع کیا جاتا ہے کہ مورخہ 22 جنوری 2026 کو عدالت میں حاضر ہوں۔ بحکم عدالت جاری کیا گیا۔
Crown-3
بعدالت جناب سینئر سول جج صاحب کراچی شرقی۔ مقدمہ نمبر 4480 سال 2025 بنام درخواست گزار بخلاف مدعا علیہان۔ چونکہ مدعا علیہ کی تعمیل عام طریقے سے نہیں ہو سکی لہذا بذریعہ اشتہار ہذا آپ کو مطلع کیا جاتا ہے کہ مورخہ 21 جنوری 2026 بوقت 8:30 بجے صبح عدالت ہذا میں حاضر ہوں ورنہ کارروائی یکطرفہ عمل میں لائی جائے گی۔ آج مورخہ 15 جنوری 2026 کو میرے دستخط اور مہر عدالت سے جاری کیا گیا۔
Best-7
بعدالت جناب 12th سول جج صاحب کراچی جنوبی۔ مقدمہ نمبر 1853 سال 2025۔ بنام مدعی بخلاف مدعا علیہ۔ اشتہار ہذا کے ذریعے آپ کو مطلع کیا جاتا ہے کہ مورخہ 26 جنوری 2026 بوقت 8:30 بجے صبح بذات خود یا بذریعہ وکیل حاضر ہوں بصورت دیگر مقدمہ کی سماعت یکطرفہ کی جائے گی۔
Best-8
کورٹ نوٹس
بعدالت جناب 17th سول جج صاحب کراچی غربی۔ مقدمہ نمبر 3288 سال 2025۔ بنام مدعی بخلاف مدعا علیہ۔ بذریعہ اشتہار ہذا مطلع کیا جاتا ہے کہ مورخہ 22 جنوری 2026 کو عدالت میں حاضر ہوں۔ بحکم عدالت جاری کیا گیا۔
Crown-3
بعدالت جناب سینئر سول جج صاحب کراچی شرقی۔ مقدمہ نمبر 4480 سال 2025 بنام درخواست گزار بخلاف مدعا علیہان۔ چونکہ مدعا علیہ کی تعمیل عام طریقے سے نہیں ہو سکی لہذا بذریعہ اشتہار ہذا آپ کو مطلع کیا جاتا ہے کہ مورخہ 21 جنوری 2026 بوقت 8:30 بجے صبح عدالت ہذا میں حاضر ہوں ورنہ کارروائی یکطرفہ عمل میں لائی جائے گی۔ آج مورخہ 15 جنوری 2026 کو میرے دستخط اور مہر عدالت سے جاری کیا گیا۔
Best-7
بعدالت جناب 12th سول جج صاحب کراچی جنوبی۔ مقدمہ نمبر 1853 سال 2025۔ بنام مدعی بخلاف مدعا علیہ۔ اشتہار ہذا کے ذریعے آپ کو مطلع کیا جاتا ہے کہ مورخہ 26 جنوری 2026 بوقت 8:30 بجے صبح بذات خود یا بذریعہ وکیل حاضر ہوں بصورت دیگر مقدمہ کی سماعت یکطرفہ کی جائے گی۔
Best-8
بعدالت جناب فیملی جج صاحب کراچی وسطی۔ فیملی سوٹ نمبر 3750 سال 2025 برائے خلع، نان نفقہ و جہیز۔ بنام مدعیہ بخلاف مدعا علیہ۔ آپ کو بذریعہ اشتہار مطلع کیا جاتا ہے کہ مورخہ 19 جنوری 2026 کو عدالت میں حاضر ہو کر جواب دعویٰ داخل کریں ورنہ یکطرفہ فیصلہ سنا دیا جائے گا۔
Best-9
بعدالت جناب 25th سول جج و جوڈیشل مجسٹریٹ کراچی جنوبی۔ درخواست نمبر 5064 سال 2025۔ بنام درخواست گزار بخلاف مسئول علیہان۔ مورخہ 23 جنوری 2026 بوقت 8:30 بجے صبح عدالت ہذا میں پیش ہوں۔ بحکم عدالت و مہر عدالت آج مورخہ 15 جنوری 2026 کو جاری کیا گیا۔
Best-10
بعدالت جناب 10th سینئر سول جج صاحب کراچی شرقی۔ مقدمہ نمبر 4539 سال 2025۔ اشتہار بنام مدعا علیہان۔ مورخہ 19 جنوری 2026 بوقت 8:30 بجے حاضر عدالت ہوں بصورت دیگر کارروائی یکطرفہ کی جائے گی۔ آج میرے دستخط اور مہر عدالت سے جاری ہوا۔
STF
بعدالت جناب 17th سول جج صاحب کراچی غربی۔ مقدمہ نمبر 3288 سال 2025۔ بنام مدعی بخلاف مدعا علیہ۔ بذریعہ اشتہار ہذا مطلع کیا جاتا ہے کہ مورخہ 22 جنوری 2026 کو عدالت میں حاضر ہوں۔ بحکم عدالت جاری کیا گیا۔
Crown-3
بعدالت جناب سینئر سول جج صاحب کراچی شرقی۔ مقدمہ نمبر 4480 سال 2025 بنام درخواست گزار بخلاف مدعا علیہان۔ چونکہ مدعا علیہ کی تعمیل عام طریقے سے نہیں ہو سکی لہذا بذریعہ اشتہار ہذا آپ کو مطلع کیا جاتا ہے کہ مورخہ 21 جنوری 2026 بوقت 8:30 بجے صبح عدالت ہذا میں حاضر ہوں ورنہ کارروائی یکطرفہ عمل میں لائی جائے گی۔ آج مورخہ 15 جنوری 2026 کو میرے دستخط اور مہر عدالت سے جاری کیا گیا۔
Best-7
بعدالت جناب 12th سول جج صاحب کراچی جنوبی۔ مقدمہ نمبر 1853 سال 2025۔ بنام مدعی بخلاف مدعا علیہ۔ اشتہار ہذا کے ذریعے آپ کو مطلع کیا جاتا ہے کہ مورخہ 26 جنوری 2026 بوقت 8:30 بجے صبح بذات خود یا بذریعہ وکیل حاضر ہوں بصورت دیگر مقدمہ کی سماعت یکطرفہ کی جائے گی۔
Best-8
بعدالت جناب فیملی جج صاحب کراچی وسطی۔ فیملی سوٹ نمبر 3750 سال 2025 برائے خلع، نان نفقہ و جہیز۔ بنام مدعیہ بخلاف مدعا علیہ۔ آپ کو بذریعہ اشتہار مطلع کیا جاتا ہے کہ مورخہ 19 جنوری 2026 کو عدالت میں حاضر ہو کر جواب دعویٰ داخل کریں ورنہ یکطرفہ فیصلہ سنا دیا جائے گا۔
Best-9
بعدالت جناب 25th سول جج و جوڈیشل مجسٹریٹ کراچی جنوبی۔ درخواست نمبر 5064 سال 2025۔ بنام درخواست گزار بخلاف مسئول علیہان۔ مورخہ 23 جنوری 2026 بوقت 8:30 بجے صبح عدالت ہذا میں پیش ہوں۔ بحکم عدالت و مہر عدالت آج مورخہ 15 جنوری 2026 کو جاری کیا گیا۔
Best-10
بعدالت جناب 10th سینئر سول جج صاحب کراچی شرقی۔ مقدمہ نمبر 4539 سال 2025۔ اشتہار بنام مدعا علیہان۔ مورخہ 19 جنوری 2026 بوقت 8:30 بجے حاضر عدالت ہوں بصورت دیگر کارروائی یکطرفہ کی جائے گی۔ آج میرے دستخط اور مہر عدالت سے جاری ہوا۔
STF
بعدالت جناب 17th سول جج صاحب کراچی غربی۔ مقدمہ نمبر 3288 سال 2025۔ بنام مدعی بخلاف مدعا علیہ۔ بذریعہ اشتہار ہذا مطلع کیا جاتا ہے کہ مورخہ 22 جنوری 2026 کو عدالت میں حاضر ہوں۔ بحکم عدالت جاری کیا گیا۔
Crown-3
بعدالت جناب سینئر سول جج صاحب کراچی شرقی۔ مقدمہ نمبر 4480 سال 2025 بنام درخواست گزار بخلاف مدعا علیہان۔ چونکہ مدعا علیہ کی تعمیل عام طریقے سے نہیں ہو سکی لہذا بذریعہ اشتہار ہذا آپ کو مطلع کیا جاتا ہے کہ مورخہ 21 جنوری 2026 بوقت 8:30 بجے صبح عدالت ہذا میں حاضر ہوں ورنہ کارروائی یکطرفہ عمل میں لائی جائے گی۔ آج مورخہ 15 جنوری 2026 کو میرے دستخط اور مہر عدالت سے جاری کیا گیا۔
Best-7
بعدالت جناب 12th سول جج صاحب کراچی جنوبی۔ مقدمہ نمبر 1853 سال 2025۔ بنام مدعی بخلاف مدعا علیہ۔ اشتہار ہذا کے ذریعے آپ کو مطلع کیا جاتا ہے کہ مورخہ 26 جنوری 2026 بوقت 8:30 بجے صبح بذات خود یا بذریعہ وکیل حاضر ہوں بصورت دیگر مقدمہ کی سماعت یکطرفہ کی جائے گی۔
Best-8
بعدالت جناب فیملی جج صاحب کراچی وسطی۔ فیملی سوٹ نمبر 3750 سال 2025 برائے خلع، نان نفقہ و جہیز۔ بنام مدعیہ بخلاف مدعا علیہ۔ آپ کو بذریعہ اشتہار مطلع کیا جاتا ہے کہ مورخہ 19 جنوری 2026 کو عدالت میں حاضر ہو کر جواب دعویٰ داخل کریں ورنہ یکطرفہ فیصلہ سنا دیا جائے گا۔
Best-9
کورٹ نوٹس
بعدالت جناب سینئر سول جج صاحب کراچی شرقی۔ مقدمہ نمبر 4480 سال 2025 بنام درخواست گزار بخلاف مدعا علیہان۔ چونکہ مدعا علیہ کی تعمیل عام طریقے سے نہیں ہو سکی لہذا بذریعہ اشتہار ہذا آپ کو مطلع کیا جاتا ہے کہ مورخہ 21 جنوری 2026 بوقت 8:30 بجے صبح عدالت ہذا میں حاضر ہوں ورنہ کارروائی یکطرفہ عمل میں لائی جائے گی۔ آج مورخہ 15 جنوری 2026 کو میرے دستخط اور مہر عدالت سے جاری کیا گیا۔
Best-7
بعدالت جناب 12th سول جج صاحب کراچی جنوبی۔ مقدمہ نمبر 1853 سال 2025۔ بنام مدعی بخلاف مدعا علیہ۔ اشتہار ہذا کے ذریعے آپ کو مطلع کیا جاتا ہے کہ مورخہ 26 جنوری 2026 بوقت 8:30 بجے صبح بذات خود یا بذریعہ وکیل حاضر ہوں بصورت دیگر مقدمہ کی سماعت یکطرفہ کی جائے گی۔
Best-8
بعدالت جناب فیملی جج صاحب کراچی وسطی۔ فیملی سوٹ نمبر 3750 سال 2025 برائے خلع، نان نفقہ و جہیز۔ بنام مدعیہ بخلاف مدعا علیہ۔ آپ کو بذریعہ اشتہار مطلع کیا جاتا ہے کہ مورخہ 19 جنوری 2026 کو عدالت میں حاضر ہو کر جواب دعویٰ داخل کریں ورنہ یکطرفہ فیصلہ سنا دیا جائے گا۔
Best-9
بعدالت جناب 25th سول جج و جوڈیشل مجسٹریٹ کراچی جنوبی۔ درخواست نمبر 5064 سال 2025۔ بنام درخواست گزار بخلاف مسئول علیہان۔ مورخہ 23 جنوری 2026 بوقت 8:30 بجے صبح عدالت ہذا میں پیش ہوں۔ بحکم عدالت و مہر عدالت آج مورخہ 15 جنوری 2026 کو جاری کیا گیا۔
Best-10
بعدالت جناب 10th سینئر سول جج صاحب کراچی شرقی۔ مقدمہ نمبر 4539 سال 2025۔ اشتہار بنام مدعا علیہان۔ مورخہ 19 جنوری 2026 بوقت 8:30 بجے حاضر عدالت ہوں بصورت دیگر کارروائی یکطرفہ کی جائے گی۔ آج میرے دستخط اور مہر عدالت سے جاری ہوا۔
STF
بعدالت جناب 17th سول جج صاحب کراچی غربی۔ مقدمہ نمبر 3288 سال 2025۔ بنام مدعی بخلاف مدعا علیہ۔ بذریعہ اشتہار ہذا مطلع کیا جاتا ہے کہ مورخہ 22 جنوری 2026 کو عدالت میں حاضر ہوں۔ بحکم عدالت جاری کیا گیا۔
Crown-3
بعدالت جناب سینئر سول جج صاحب کراچی شرقی۔ مقدمہ نمبر 4480 سال 2025 بنام درخواست گزار بخلاف مدعا علیہان۔ چونکہ مدعا علیہ کی تعمیل عام طریقے سے نہیں ہو سکی لہذا بذریعہ اشتہار ہذا آپ کو مطلع کیا جاتا ہے کہ مورخہ 21 جنوری 2026 بوقت 8:30 بجے صبح عدالت ہذا میں حاضر ہوں ورنہ کارروائی یکطرفہ عمل میں لائی جائے گی۔ آج مورخہ 15 جنوری 2026 کو میرے دستخط اور مہر عدالت سے جاری کیا گیا۔
Best-7
بعدالت جناب 12th سول جج صاحب کراچی جنوبی۔ مقدمہ نمبر 1853 سال 2025۔ بنام مدعی بخلاف مدعا علیہ۔ اشتہار ہذا کے ذریعے آپ کو مطلع کیا جاتا ہے کہ مورخہ 26 جنوری 2026 بوقت 8:30 بجے صبح بذات خود یا بذریعہ وکیل حاضر ہوں بصورت دیگر مقدمہ کی سماعت یکطرفہ کی جائے گی۔
Best-8
بعدالت جناب فیملی جج صاحب کراچی وسطی۔ فیملی سوٹ نمبر 3750 سال 2025 برائے خلع، نان نفقہ و جہیز۔ بنام مدعیہ بخلاف مدعا علیہ۔ آپ کو بذریعہ اشتہار مطلع کیا جاتا ہے کہ مورخہ 19 جنوری 2026 کو عدالت میں حاضر ہو کر جواب دعویٰ داخل کریں ورنہ یکطرفہ فیصلہ سنا دیا جائے گا۔
Best-9
SEPARATE ACCOMODATION
بعدالت جناب 25th سول جج و جوڈیشل مجسٹریٹ کراچی جنوبی۔ درخواست نمبر 5064 سال 2025۔ بنام درخواست گزار بخلاف مسئول علیہان۔ مورخہ 23 جنوری 2026 بوقت 8:30 بجے صبح عدالت ہذا میں پیش ہوں۔ بحکم عدالت و مہر عدالت آج مورخہ 15 جنوری 2026 کو جاری کیا گیا۔
Best-10
بعدالت جناب 10th سینئر سول جج صاحب کراچی شرقی۔ مقدمہ نمبر 4539 سال 2025۔ اشتہار بنام مدعا علیہان۔ مورخہ 19 جنوری 2026 بوقت 8:30 بجے حاضر عدالت ہوں بصورت دیگر کارروائی یکطرفہ کی جائے گی۔ آج میرے دستخط اور مہر عدالت سے جاری ہوا۔
STF
بعدالت جناب 17th سول جج صاحب کراچی غربی۔ مقدمہ نمبر 3288 سال 2025۔ بنام مدعی بخلاف مدعا علیہ۔ بذریعہ اشتہار ہذا مطلع کیا جاتا ہے کہ مورخہ 22 جنوری 2026 کو عدالت میں حاضر ہوں۔ بحکم عدالت جاری کیا گیا۔
Crown-3
بعدالت جناب سینئر سول جج صاحب کراچی شرقی۔ مقدمہ نمبر 4480 سال 2025 بنام درخواست گزار بخلاف مدعا علیہان۔ چونکہ مدعا علیہ کی تعمیل عام طریقے سے نہیں ہو سکی لہذا بذریعہ اشتہار ہذا آپ کو مطلع کیا جاتا ہے کہ مورخہ 21 جنوری 2026 بوقت 8:30 بجے صبح عدالت ہذا میں حاضر ہوں ورنہ کارروائی یکطرفہ عمل میں لائی جائے گی۔ آج مورخہ 15 جنوری 2026 کو میرے دستخط اور مہر عدالت سے جاری کیا گیا۔
Best-7
بعدالت جناب 12th سول جج صاحب کراچی جنوبی۔ مقدمہ نمبر 1853 سال 2025۔ بنام مدعی بخلاف مدعا علیہ۔ اشتہار ہذا کے ذریعے آپ کو مطلع کیا جاتا ہے کہ مورخہ 26 جنوری 2026 بوقت 8:30 بجے صبح بذات خود یا بذریعہ وکیل حاضر ہوں بصورت دیگر مقدمہ کی سماعت یکطرفہ کی جائے گی۔
Best-8
بعدالت جناب فیملی جج صاحب کراچی وسطی۔ فیملی سوٹ نمبر 3750 سال 2025 برائے خلع، نان نفقہ و جہیز۔ بنام مدعیہ بخلاف مدعا علیہ۔ آپ کو بذریعہ اشتہار مطلع کیا جاتا ہے کہ مورخہ 19 جنوری 2026 کو عدالت میں حاضر ہو کر جواب دعویٰ داخل کریں ورنہ یکطرفہ فیصلہ سنا دیا جائے گا۔
Best-9
بعدالت جناب 25th سول جج و جوڈیشل مجسٹریٹ کراچی جنوبی۔ درخواست نمبر 5064 سال 2025۔ بنام درخواست گزار بخلاف مسئول علیہان۔ مورخہ 23 جنوری 2026 بوقت 8:30 بجے صبح عدالت ہذا میں پیش ہوں۔ بحکم عدالت و مہر عدالت آج مورخہ 15 جنوری 2026 کو جاری کیا گیا۔
Best-10
